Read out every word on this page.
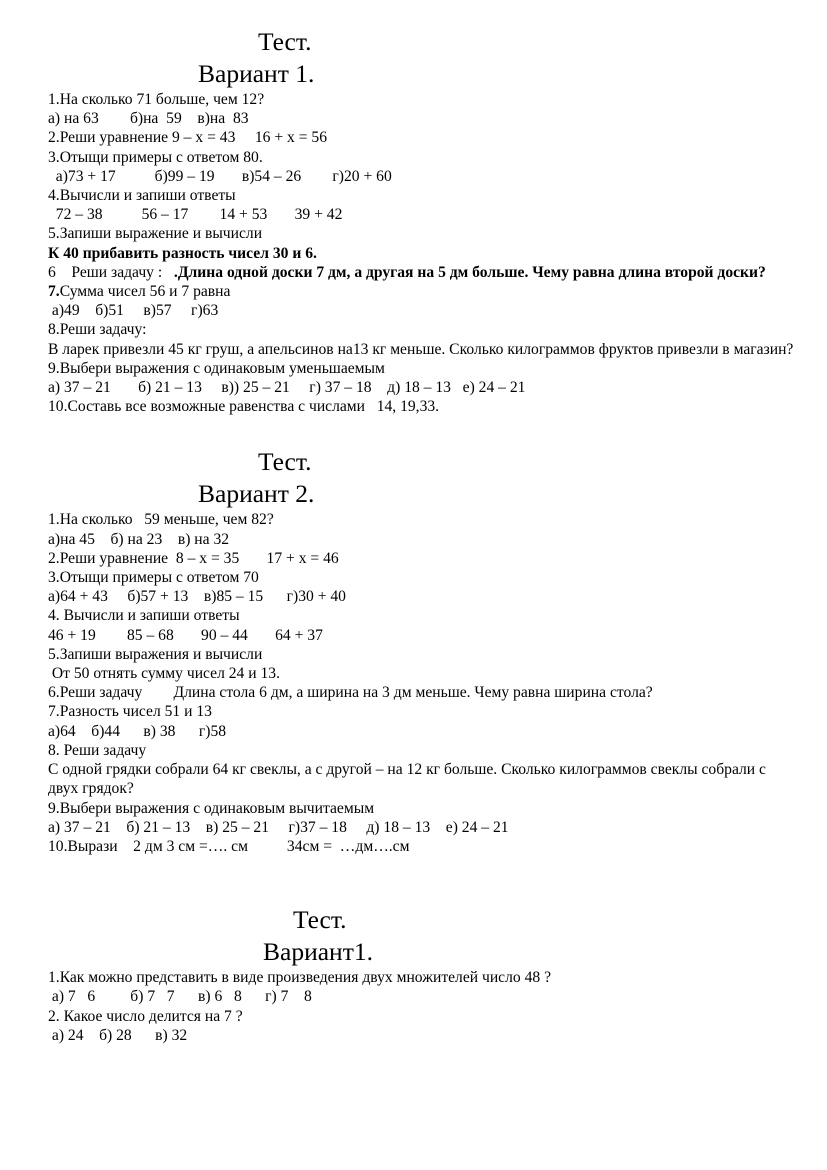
Тест.
Вариант 1.
1.На сколько 71 больше, чем 12?
а) на 63        б)на  59    в)на  83
2.Реши уравнение 9 – х = 43     16 + х = 56
3.Отыщи примеры с ответом 80.
а)73 + 17          б)99 – 19       в)54 – 26        г)20 + 60
4.Вычисли и запиши ответы
72 – 38          56 – 17        14 + 53       39 + 42
5.Запиши выражение и вычисли
К 40 прибавить разность чисел 30 и 6.
6    Реши задачу :   .Длина одной доски 7 дм, а другая на 5 дм больше. Чему равна длина второй доски?
7.Сумма чисел 56 и 7 равна
а)49    б)51     в)57     г)63
8.Реши задачу:
В ларек привезли 45 кг груш, а апельсинов на13 кг меньше. Сколько килограммов фруктов привезли в магазин?
9.Выбери выражения с одинаковым уменьшаемым
а) 37 – 21       б) 21 – 13     в)) 25 – 21     г) 37 – 18    д) 18 – 13   е) 24 – 21
10.Составь все возможные равенства с числами   14, 19,33.
Тест.
Вариант 2.
1.На сколько   59 меньше, чем 82?
а)на 45    б) на 23    в) на 32
2.Реши уравнение  8 – х = 35       17 + х = 46
3.Отыщи примеры с ответом 70
а)64 + 43     б)57 + 13    в)85 – 15      г)30 + 40
4. Вычисли и запиши ответы
46 + 19        85 – 68       90 – 44       64 + 37
5.Запиши выражения и вычисли
От 50 отнять сумму чисел 24 и 13.
6.Реши задачу        Длина стола 6 дм, а ширина на 3 дм меньше. Чему равна ширина стола?
7.Разность чисел 51 и 13
а)64    б)44      в) 38      г)58
8. Реши задачу
С одной грядки собрали 64 кг свеклы, а с другой – на 12 кг больше. Сколько килограммов свеклы собрали с двух грядок?
9.Выбери выражения с одинаковым вычитаемым
а) 37 – 21    б) 21 – 13    в) 25 – 21     г)37 – 18     д) 18 – 13    е) 24 – 21
10.Вырази    2 дм 3 см =…. см          34см =  …дм….см
Тест.
Вариант1.
1.Как можно представить в виде произведения двух множителей число 48 ?
а) 7   6         б) 7   7      в) 6   8      г) 7    8
2. Какое число делится на 7 ?
а) 24    б) 28      в) 32
